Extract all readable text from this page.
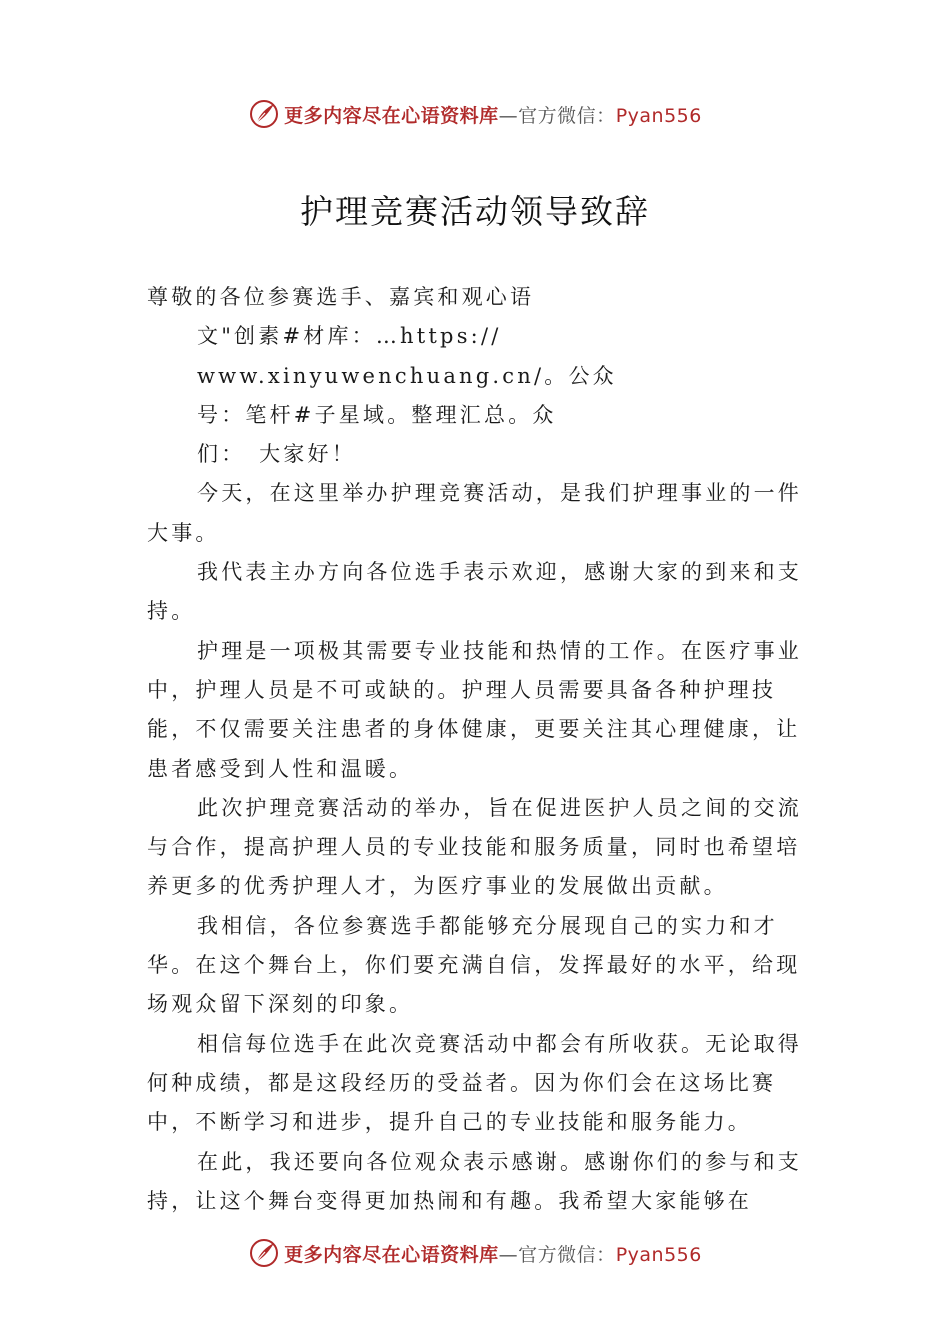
更多内容尽在心语资料库—官方微信：Pyan556
护理竞赛活动领导致辞

尊敬的各位参赛选手、嘉宾和观心语

文"创素#材库：…https://
www.xinyuwenchuang.cn/。公众
号：笔杆#子星域。整理汇总。众
们：　大家好！

今天，在这里举办护理竞赛活动，是我们护理事业的一件大事。

我代表主办方向各位选手表示欢迎，感谢大家的到来和支持。

护理是一项极其需要专业技能和热情的工作。在医疗事业中，护理人员是不可或缺的。护理人员需要具备各种护理技能，不仅需要关注患者的身体健康，更要关注其心理健康，让患者感受到人性和温暖。

此次护理竞赛活动的举办，旨在促进医护人员之间的交流与合作，提高护理人员的专业技能和服务质量，同时也希望培养更多的优秀护理人才，为医疗事业的发展做出贡献。

我相信，各位参赛选手都能够充分展现自己的实力和才华。在这个舞台上，你们要充满自信，发挥最好的水平，给现场观众留下深刻的印象。

相信每位选手在此次竞赛活动中都会有所收获。无论取得何种成绩，都是这段经历的受益者。因为你们会在这场比赛中，不断学习和进步，提升自己的专业技能和服务能力。

在此，我还要向各位观众表示感谢。感谢你们的参与和支持，让这个舞台变得更加热闹和有趣。我希望大家能够在

更多内容尽在心语资料库—官方微信：Pyan556
